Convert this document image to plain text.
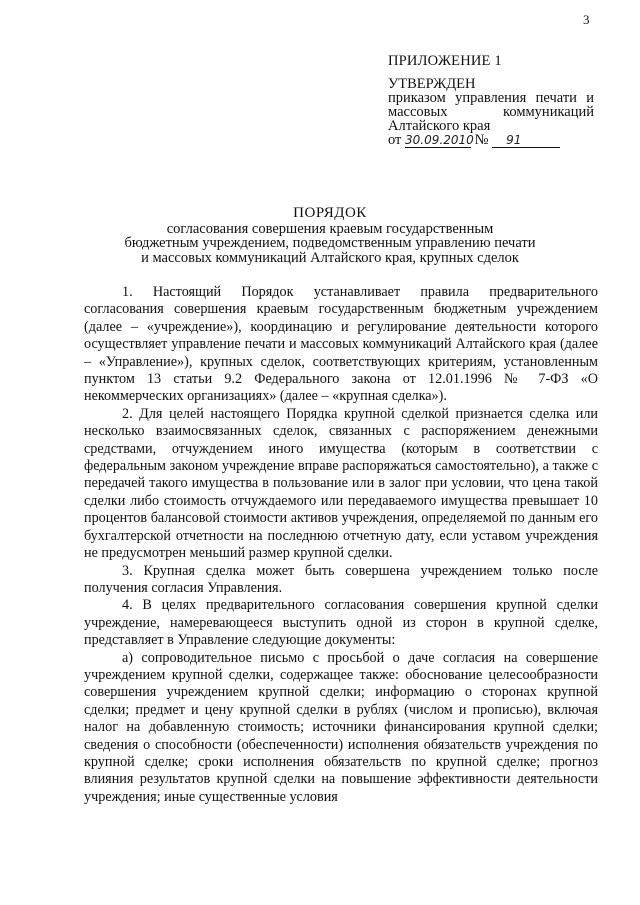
3
ПРИЛОЖЕНИЕ 1
УТВЕРЖДЕН
приказом управления печати и массовых коммуникаций Алтайского края
от 30.09.2010 № 91
ПОРЯДОК
согласования совершения краевым государственным
бюджетным учреждением, подведомственным управлению печати
и массовых коммуникаций Алтайского края, крупных сделок

1. Настоящий Порядок устанавливает правила предварительного согласования совершения краевым государственным бюджетным учреждением (далее – «учреждение»), координацию и регулирование деятельности которого осуществляет управление печати и массовых коммуникаций Алтайского края (далее – «Управление»), крупных сделок, соответствующих критериям, установленным пунктом 13 статьи 9.2 Федерального закона от 12.01.1996 № 7-ФЗ «О некоммерческих организациях» (далее – «крупная сделка»).

2. Для целей настоящего Порядка крупной сделкой признается сделка или несколько взаимосвязанных сделок, связанных с распоряжением денежными средствами, отчуждением иного имущества (которым в соответствии с федеральным законом учреждение вправе распоряжаться самостоятельно), а также с передачей такого имущества в пользование или в залог при условии, что цена такой сделки либо стоимость отчуждаемого или передаваемого имущества превышает 10 процентов балансовой стоимости активов учреждения, определяемой по данным его бухгалтерской отчетности на последнюю отчетную дату, если уставом учреждения не предусмотрен меньший размер крупной сделки.

3. Крупная сделка может быть совершена учреждением только после получения согласия Управления.

4. В целях предварительного согласования совершения крупной сделки учреждение, намеревающееся выступить одной из сторон в крупной сделке, представляет в Управление следующие документы:

а) сопроводительное письмо с просьбой о даче согласия на совершение учреждением крупной сделки, содержащее также: обоснование целесообразности совершения учреждением крупной сделки; информацию о сторонах крупной сделки; предмет и цену крупной сделки в рублях (числом и прописью), включая налог на добавленную стоимость; источники финансирования крупной сделки; сведения о способности (обеспеченности) исполнения обязательств учреждения по крупной сделке; сроки исполнения обязательств по крупной сделке; прогноз влияния результатов крупной сделки на повышение эффективности деятельности учреждения; иные существенные условия
